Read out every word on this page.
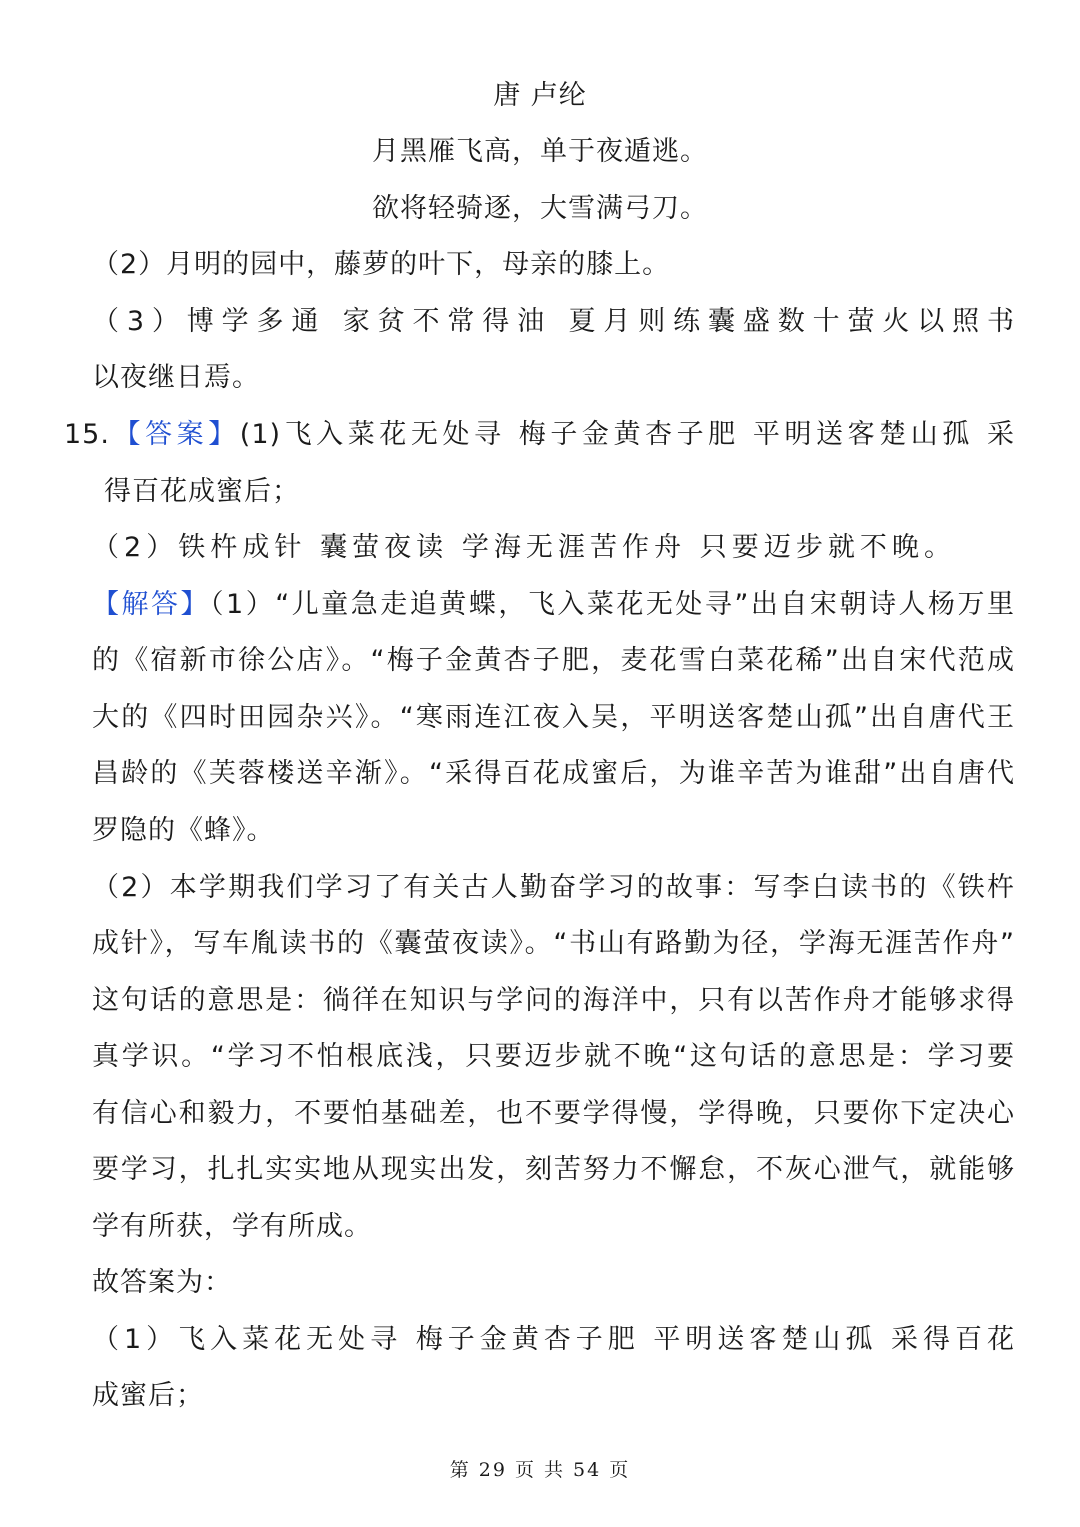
唐 卢纶
月黑雁飞高，单于夜遁逃。
欲将轻骑逐，大雪满弓刀。
（2）月明的园中，藤萝的叶下，母亲的膝上。
（3）博学多通 家贫不常得油 夏月则练囊盛数十萤火以照书
以夜继日焉。
15.【答案】(1)飞入菜花无处寻 梅子金黄杏子肥 平明送客楚山孤 采
得百花成蜜后；
（2）铁杵成针 囊萤夜读 学海无涯苦作舟 只要迈步就不晚。
【解答】（1）“儿童急走追黄蝶，飞入菜花无处寻”出自宋朝诗人杨万里
的《宿新市徐公店》。“梅子金黄杏子肥，麦花雪白菜花稀”出自宋代范成
大的《四时田园杂兴》。“寒雨连江夜入吴，平明送客楚山孤”出自唐代王
昌龄的《芙蓉楼送辛渐》。“采得百花成蜜后，为谁辛苦为谁甜”出自唐代
罗隐的《蜂》。
（2）本学期我们学习了有关古人勤奋学习的故事：写李白读书的《铁杵
成针》，写车胤读书的《囊萤夜读》。“书山有路勤为径，学海无涯苦作舟”
这句话的意思是：徜徉在知识与学问的海洋中，只有以苦作舟才能够求得
真学识。“学习不怕根底浅，只要迈步就不晚“这句话的意思是：学习要
有信心和毅力，不要怕基础差，也不要学得慢，学得晚，只要你下定决心
要学习，扎扎实实地从现实出发，刻苦努力不懈怠，不灰心泄气，就能够
学有所获，学有所成。
故答案为：
（1）飞入菜花无处寻 梅子金黄杏子肥 平明送客楚山孤 采得百花
成蜜后；
第 29 页 共 54 页
